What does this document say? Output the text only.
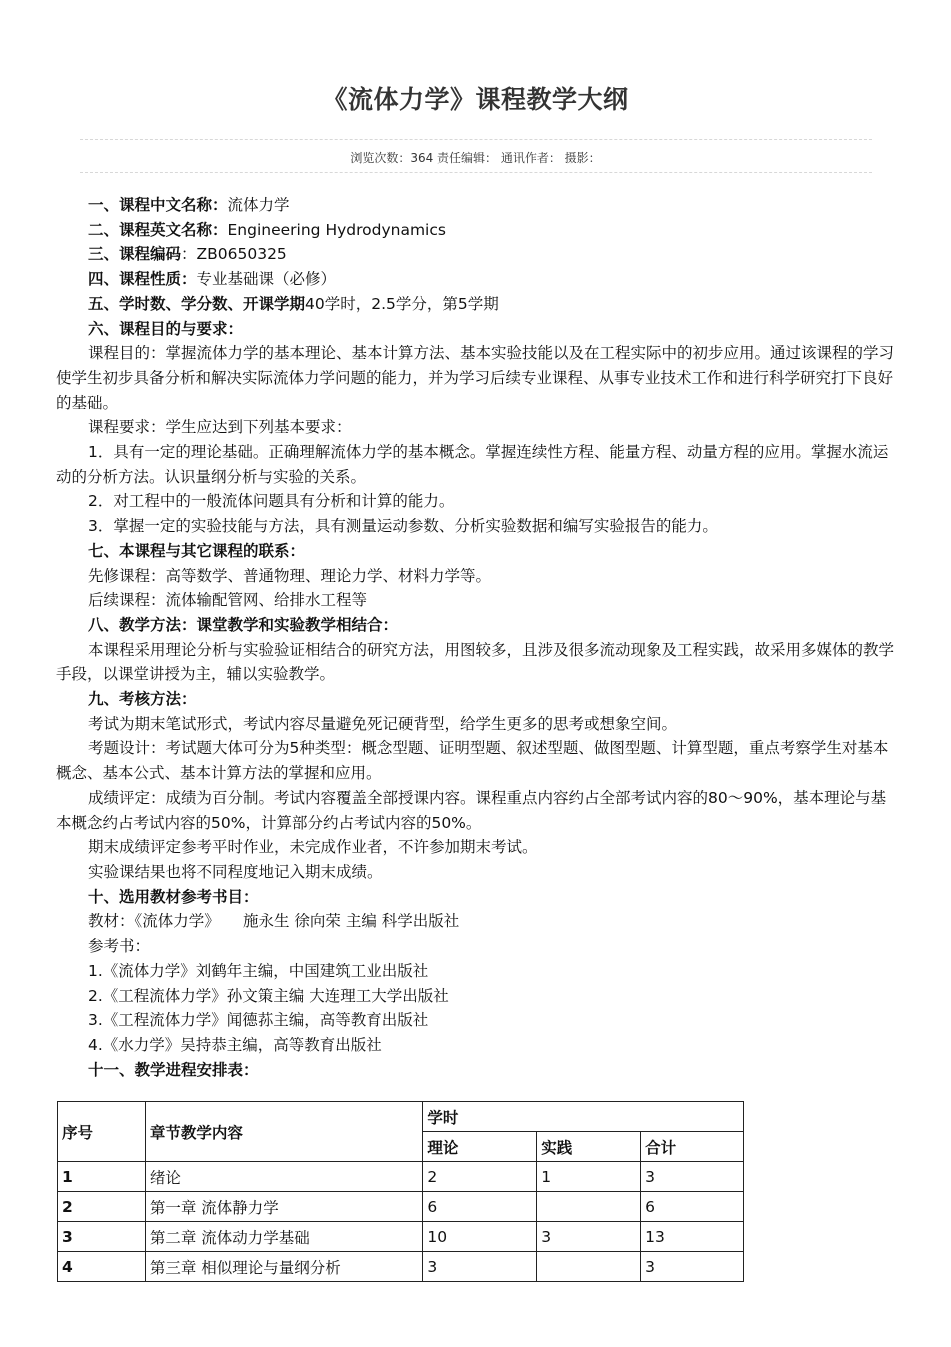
《流体力学》课程教学大纲
浏览次数：364 责任编辑： 通讯作者： 摄影：

一、课程中文名称：流体力学

二、课程英文名称：Engineering Hydrodynamics

三、课程编码：ZB0650325

四、课程性质：专业基础课（必修）

五、学时数、学分数、开课学期40学时，2.5学分，第5学期

六、课程目的与要求：

课程目的：掌握流体力学的基本理论、基本计算方法、基本实验技能以及在工程实际中的初步应用。通过该课程的学习使学生初步具备分析和解决实际流体力学问题的能力，并为学习后续专业课程、从事专业技术工作和进行科学研究打下良好的基础。

课程要求：学生应达到下列基本要求：

1．具有一定的理论基础。正确理解流体力学的基本概念。掌握连续性方程、能量方程、动量方程的应用。掌握水流运动的分析方法。认识量纲分析与实验的关系。

2．对工程中的一般流体问题具有分析和计算的能力。

3．掌握一定的实验技能与方法，具有测量运动参数、分析实验数据和编写实验报告的能力。

七、本课程与其它课程的联系：

先修课程：高等数学、普通物理、理论力学、材料力学等。

后续课程：流体输配管网、给排水工程等

八、教学方法：课堂教学和实验教学相结合：

本课程采用理论分析与实验验证相结合的研究方法，用图较多，且涉及很多流动现象及工程实践，故采用多媒体的教学手段，以课堂讲授为主，辅以实验教学。

九、考核方法：

考试为期末笔试形式，考试内容尽量避免死记硬背型，给学生更多的思考或想象空间。

考题设计：考试题大体可分为5种类型：概念型题、证明型题、叙述型题、做图型题、计算型题，重点考察学生对基本概念、基本公式、基本计算方法的掌握和应用。

成绩评定：成绩为百分制。考试内容覆盖全部授课内容。课程重点内容约占全部考试内容的80～90%，基本理论与基本概念约占考试内容的50%，计算部分约占考试内容的50%。

期末成绩评定参考平时作业，未完成作业者，不许参加期末考试。

实验课结果也将不同程度地记入期末成绩。

十、选用教材参考书目：

教材：《流体力学》　　施永生 徐向荣 主编 科学出版社

参考书：

1.《流体力学》刘鹤年主编，中国建筑工业出版社

2.《工程流体力学》孙文策主编 大连理工大学出版社

3.《工程流体力学》闻德荪主编，高等教育出版社

4.《水力学》吴持恭主编，高等教育出版社

十一、教学进程安排表：

序号	章节教学内容	学时		
		理论	实践	合计
1	绪论	2	1	3
2	第一章 流体静力学	6		6
3	第二章 流体动力学基础	10	3	13
4	第三章 相似理论与量纲分析	3		3
